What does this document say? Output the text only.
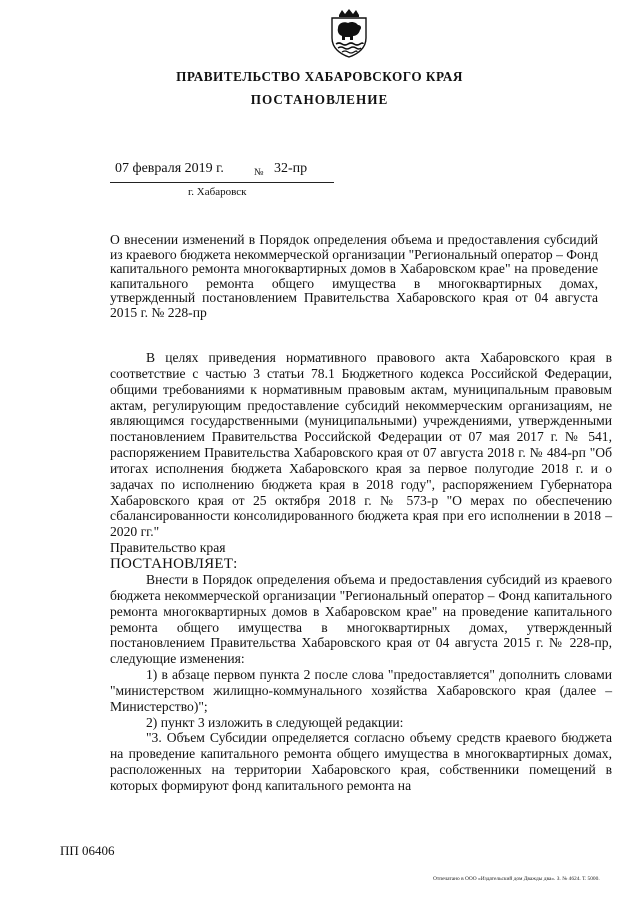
ПРАВИТЕЛЬСТВО ХАБАРОВСКОГО КРАЯ
ПОСТАНОВЛЕНИЕ
07 февраля 2019 г.	№ 32-пр
г. Хабаровск

О внесении изменений в Порядок определения объема и предоставления субсидий из краевого бюджета некоммерческой организации "Региональный оператор – Фонд капитального ремонта многоквартирных домов в Хабаровском крае" на проведение капитального ремонта общего имущества в многоквартирных домах, утвержденный постановлением Правительства Хабаровского края от 04 августа 2015 г. № 228-пр

В целях приведения нормативного правового акта Хабаровского края в соответствие с частью 3 статьи 78.1 Бюджетного кодекса Российской Федерации, общими требованиями к нормативным правовым актам, муниципальным правовым актам, регулирующим предоставление субсидий некоммерческим организациям, не являющимся государственными (муниципальными) учреждениями, утвержденными постановлением Правительства Российской Федерации от 07 мая 2017 г. № 541, распоряжением Правительства Хабаровского края от 07 августа 2018 г. № 484-рп "Об итогах исполнения бюджета Хабаровского края за первое полугодие 2018 г. и о задачах по исполнению бюджета края в 2018 году", распоряжением Губернатора Хабаровского края от 25 октября 2018 г. № 573-р "О мерах по обеспечению сбалансированности консолидированного бюджета края при его исполнении в 2018 – 2020 гг."

Правительство края

ПОСТАНОВЛЯЕТ:

Внести в Порядок определения объема и предоставления субсидий из краевого бюджета некоммерческой организации "Региональный оператор – Фонд капитального ремонта многоквартирных домов в Хабаровском крае" на проведение капитального ремонта общего имущества в многоквартирных домах, утвержденный постановлением Правительства Хабаровского края от 04 августа 2015 г. № 228-пр, следующие изменения:

1) в абзаце первом пункта 2 после слова "предоставляется" дополнить словами "министерством жилищно-коммунального хозяйства Хабаровского края (далее – Министерство)";

2) пункт 3 изложить в следующей редакции:

"3. Объем Субсидии определяется согласно объему средств краевого бюджета на проведение капитального ремонта общего имущества в многоквартирных домах, расположенных на территории Хабаровского края, собственники помещений в которых формируют фонд капитального ремонта на

ПП 06406
Отпечатано в ООО «Издательский дом Дважды два». З. № 4624. Т. 5000.
